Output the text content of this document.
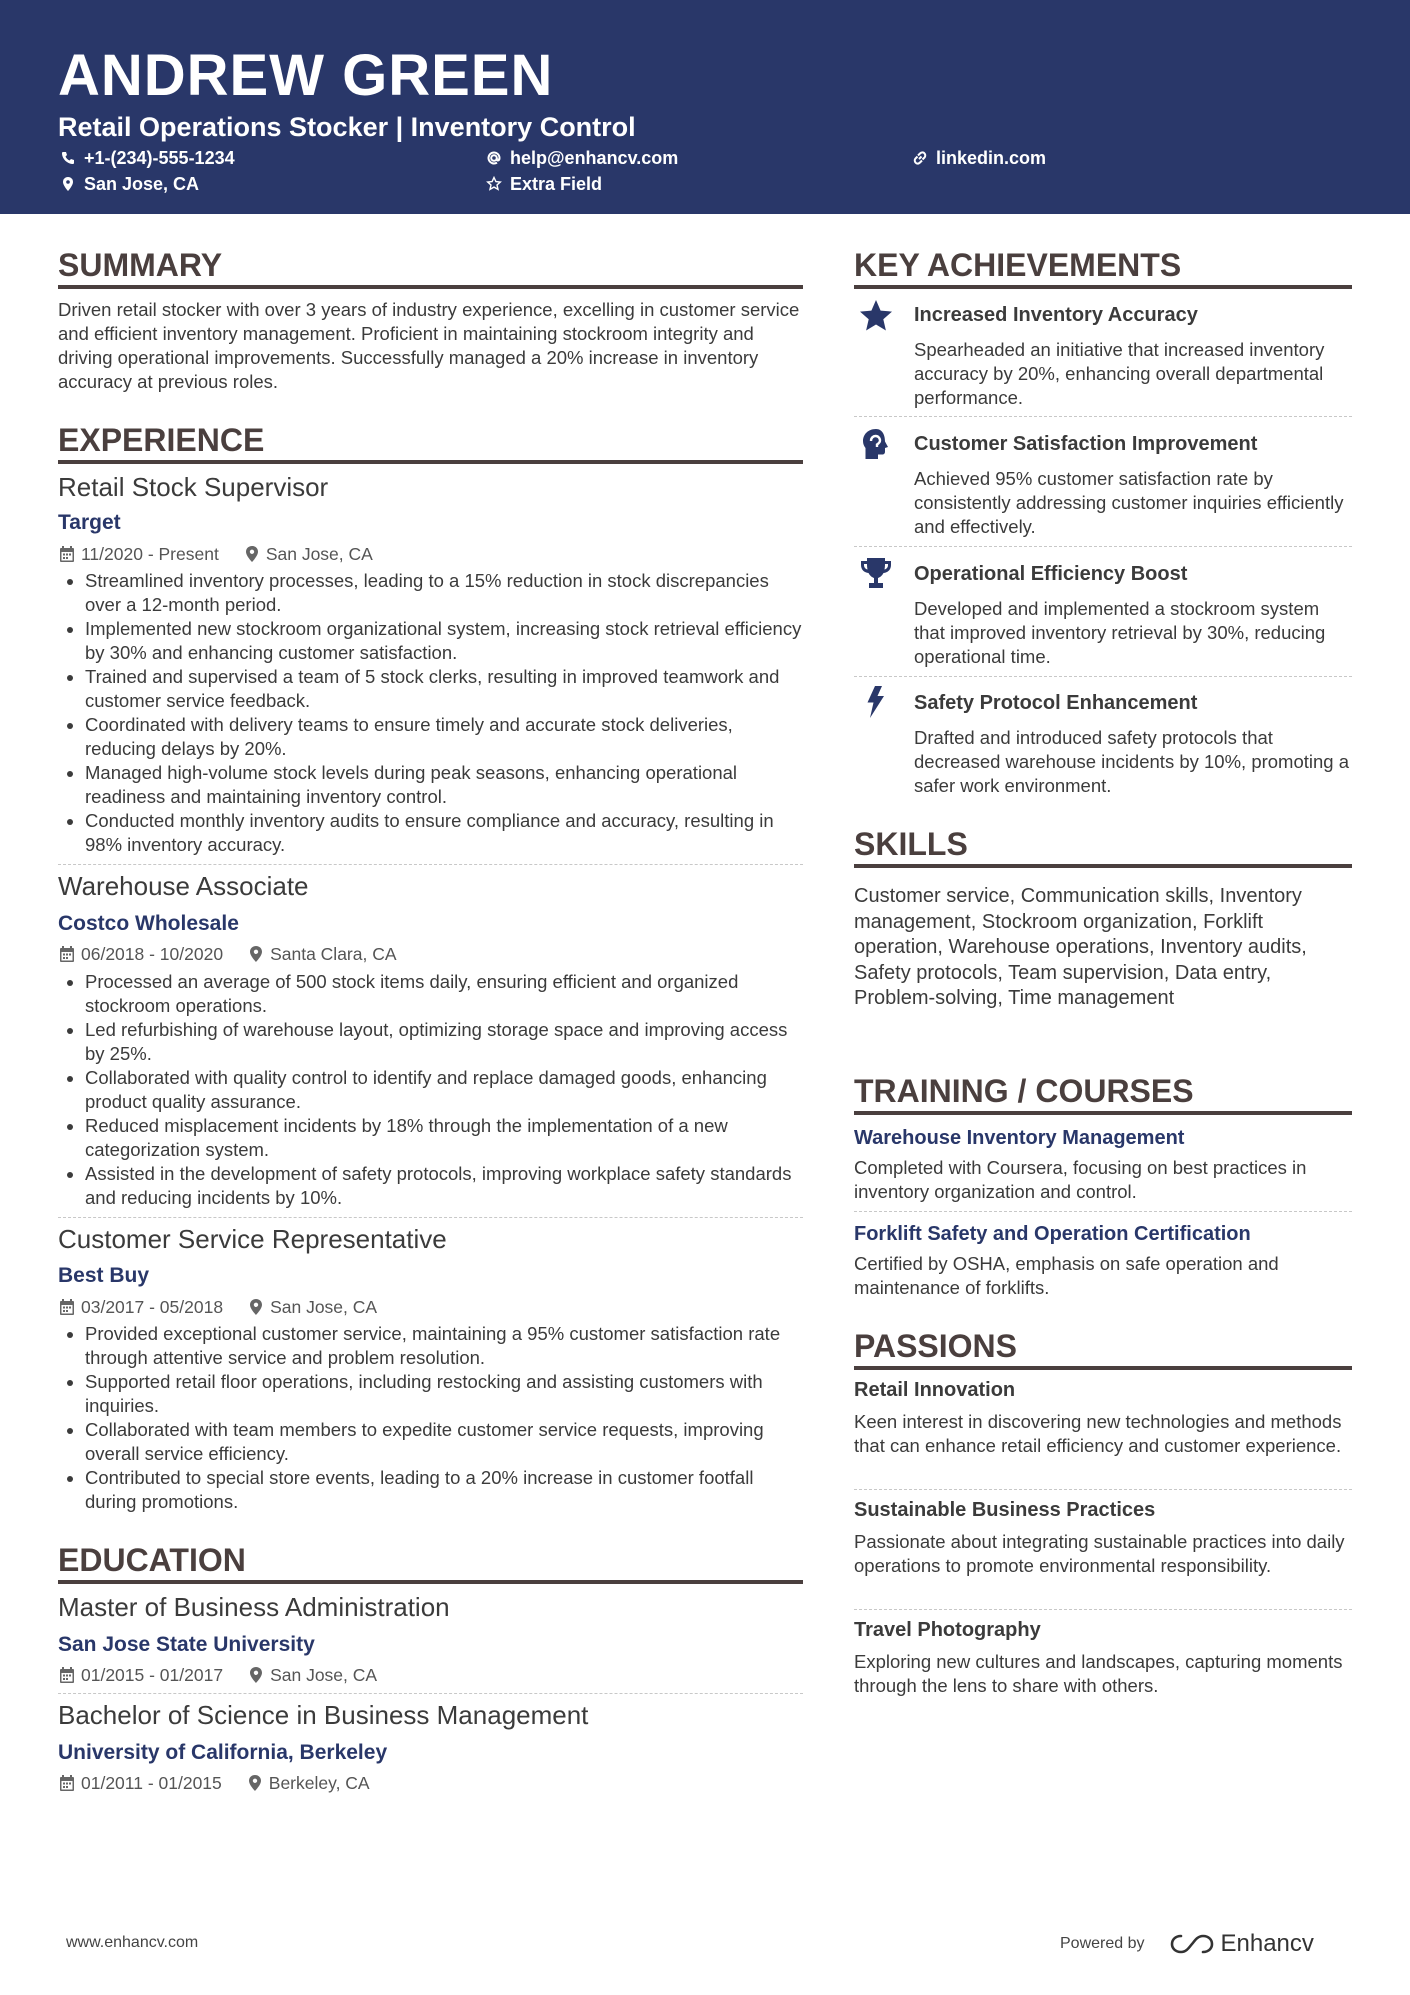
ANDREW GREEN
Retail Operations Stocker | Inventory Control
+1-(234)-555-1234	help@enhancv.com	linkedin.com
San Jose, CA	Extra Field
SUMMARY
Driven retail stocker with over 3 years of industry experience, excelling in customer service and efficient inventory management. Proficient in maintaining stockroom integrity and driving operational improvements. Successfully managed a 20% increase in inventory accuracy at previous roles.
EXPERIENCE
Retail Stock Supervisor
Target
11/2020 - Present	San Jose, CA
• Streamlined inventory processes, leading to a 15% reduction in stock discrepancies over a 12-month period.
• Implemented new stockroom organizational system, increasing stock retrieval efficiency by 30% and enhancing customer satisfaction.
• Trained and supervised a team of 5 stock clerks, resulting in improved teamwork and customer service feedback.
• Coordinated with delivery teams to ensure timely and accurate stock deliveries, reducing delays by 20%.
• Managed high-volume stock levels during peak seasons, enhancing operational readiness and maintaining inventory control.
• Conducted monthly inventory audits to ensure compliance and accuracy, resulting in 98% inventory accuracy.
Warehouse Associate
Costco Wholesale
06/2018 - 10/2020	Santa Clara, CA
• Processed an average of 500 stock items daily, ensuring efficient and organized stockroom operations.
• Led refurbishing of warehouse layout, optimizing storage space and improving access by 25%.
• Collaborated with quality control to identify and replace damaged goods, enhancing product quality assurance.
• Reduced misplacement incidents by 18% through the implementation of a new categorization system.
• Assisted in the development of safety protocols, improving workplace safety standards and reducing incidents by 10%.
Customer Service Representative
Best Buy
03/2017 - 05/2018	San Jose, CA
• Provided exceptional customer service, maintaining a 95% customer satisfaction rate through attentive service and problem resolution.
• Supported retail floor operations, including restocking and assisting customers with inquiries.
• Collaborated with team members to expedite customer service requests, improving overall service efficiency.
• Contributed to special store events, leading to a 20% increase in customer footfall during promotions.
EDUCATION
Master of Business Administration
San Jose State University
01/2015 - 01/2017	San Jose, CA
Bachelor of Science in Business Management
University of California, Berkeley
01/2011 - 01/2015	Berkeley, CA
KEY ACHIEVEMENTS
Increased Inventory Accuracy
Spearheaded an initiative that increased inventory accuracy by 20%, enhancing overall departmental performance.
Customer Satisfaction Improvement
Achieved 95% customer satisfaction rate by consistently addressing customer inquiries efficiently and effectively.
Operational Efficiency Boost
Developed and implemented a stockroom system that improved inventory retrieval by 30%, reducing operational time.
Safety Protocol Enhancement
Drafted and introduced safety protocols that decreased warehouse incidents by 10%, promoting a safer work environment.
SKILLS
Customer service, Communication skills, Inventory management, Stockroom organization, Forklift operation, Warehouse operations, Inventory audits, Safety protocols, Team supervision, Data entry, Problem-solving, Time management
TRAINING / COURSES
Warehouse Inventory Management
Completed with Coursera, focusing on best practices in inventory organization and control.
Forklift Safety and Operation Certification
Certified by OSHA, emphasis on safe operation and maintenance of forklifts.
PASSIONS
Retail Innovation
Keen interest in discovering new technologies and methods that can enhance retail efficiency and customer experience.
Sustainable Business Practices
Passionate about integrating sustainable practices into daily operations to promote environmental responsibility.
Travel Photography
Exploring new cultures and landscapes, capturing moments through the lens to share with others.
www.enhancv.com	Powered by	Enhancv
